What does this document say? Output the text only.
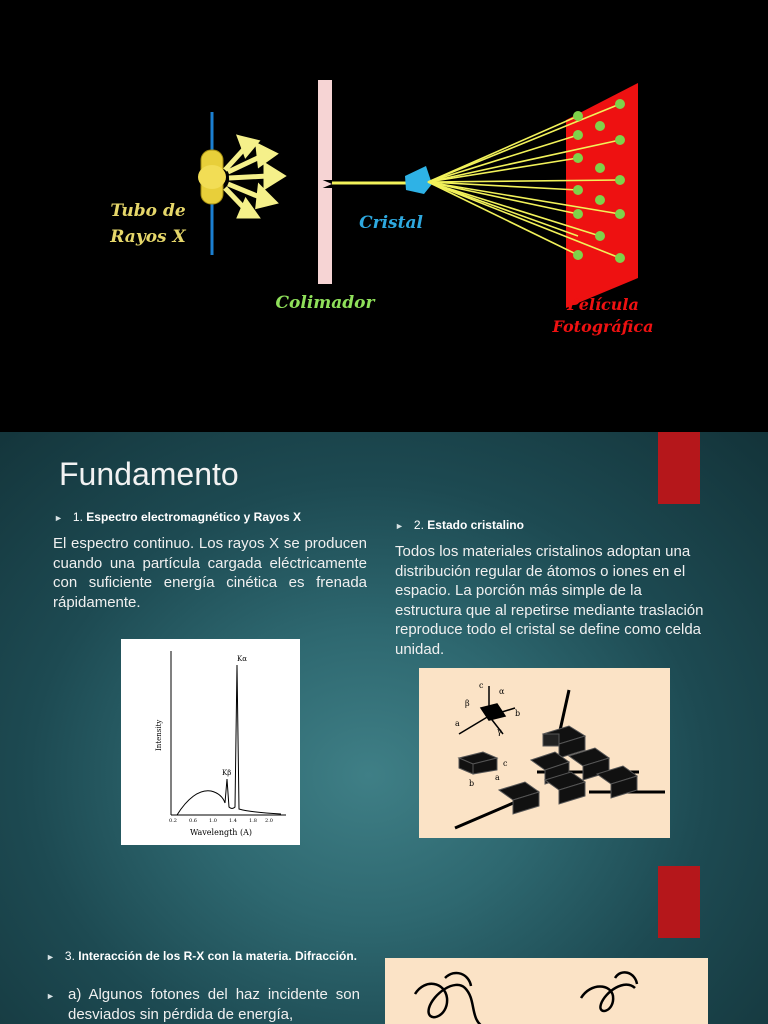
Tubo de
Rayos X
Colimador
Cristal
Película
Fotográfica
Fundamento
► 1. Espectro electromagnético y Rayos X
El espectro continuo. Los rayos X se producen cuando una partícula cargada eléctricamente con suficiente energía cinética es frenada rápidamente.
Kα
Kβ
Intensity
Wavelength (A)
0.2 0.6 1.0 1.4 1.8 2.0
► 2. Estado cristalino
Todos los materiales cristalinos adoptan una distribución regular de átomos o iones en el espacio. La porción más simple de la estructura que al repetirse mediante traslación reproduce todo el cristal se define como celda unidad.
c
α
β
a
b
γ
c
a
b
► 3. Interacción de los R-X con la materia. Difracción.
► a) Algunos fotones del haz incidente son desviados sin pérdida de energía,
